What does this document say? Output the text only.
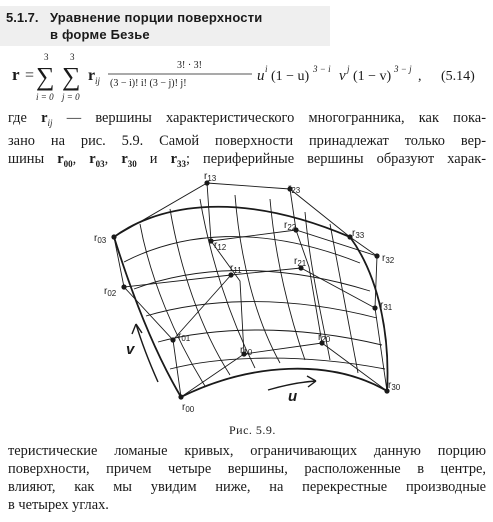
5.1.7. Уравнение порции поверхности
в форме Безье
r =
3
∑
i = 0
3
∑
j = 0
r ij
3! · 3!
(3 − i)! i! (3 − j)! j!	u i (1 − u) 3 − i v j (1 − v) 3 − j , (5.14)
где $r_{ij}$ — вершины характеристического многогранника, как пока-
зано на рис. 5.9. Самой поверхности принадлежат только вер-
шины $r_{00}$, $r_{03}$, $r_{30}$ и $r_{33}$; периферийные вершины образуют харак-
$r_{00}$
$r_{01}$
$r_{02}$
$r_{03}$
$r_{10}$
$r_{11}$
$r_{12}$
$r_{13}$
$r_{20}$
$r_{21}$
$r_{22}$
$r_{23}$
$r_{30}$
$r_{31}$
$r_{32}$
$r_{33}$
v
u
Рис. 5.9.
теристические ломаные кривых, ограничивающих данную порцию
поверхности, причем четыре вершины, расположенные в центре,
влияют, как мы увидим ниже, на перекрестные производные
в четырех углах.
